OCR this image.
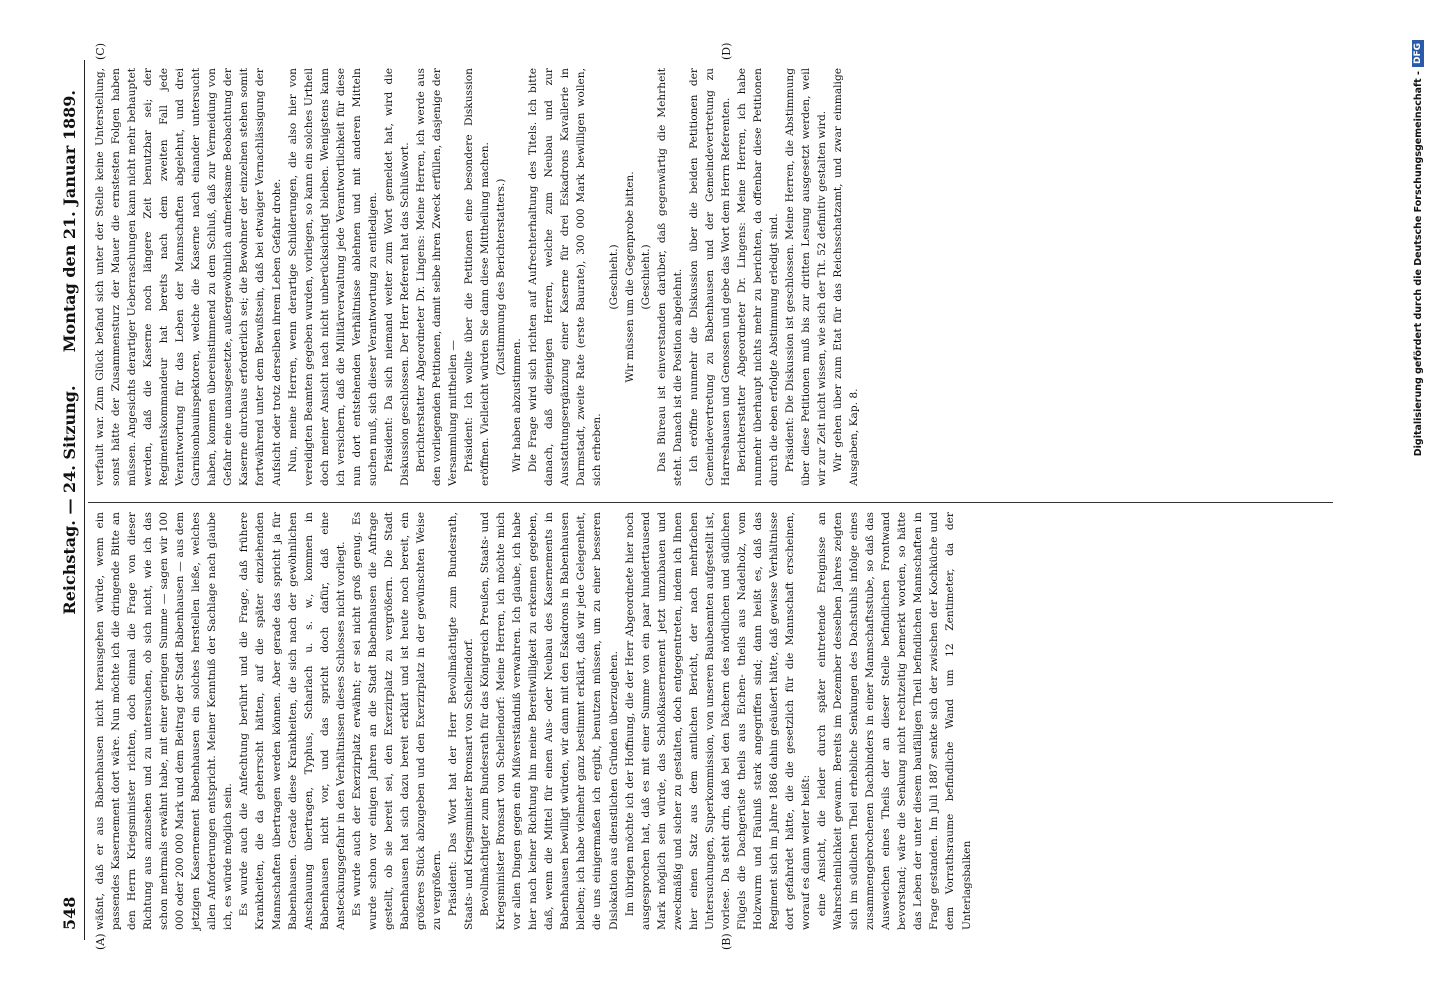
548
Reichstag. — 24. Sitzung.
Montag den 21. Januar 1889.
(A)	(B)
(C)	(D)

wäßnt, daß er aus Babenhausen nicht herausgehen würde, wenn ein passendes Kasernement dort wäre. Nun möchte ich die dringende Bitte an den Herrn Kriegsminister richten, doch einmal die Frage von dieser Richtung aus anzusehen und zu untersuchen, ob sich nicht, wie ich das schon mehrmals erwähnt habe, mit einer geringen Summe — sagen wir 100 000 oder 200 000 Mark und dem Beitrag der Stadt Babenhausen — aus dem jetzigen Kasernement Babenhausen ein solches herstellen ließe, welches allen Anforderungen entspricht. Meiner Kenntniß der Sachlage nach glaube ich, es würde möglich sein. Es wurde auch die Anfechtung berührt und die Frage, daß frühere Krankheiten, die da geherrscht hätten, auf die später einziehenden Mannschaften übertragen werden können. Aber gerade das spricht ja für Babenhausen. Gerade diese Krankheiten, die sich nach der gewöhnlichen Anschauung übertragen, Typhus, Scharlach u. s. w., kommen in Babenhausen nicht vor, und das spricht doch dafür, daß eine Ansteckungsgefahr in den Verhältnissen dieses Schlosses nicht vorliegt. Es wurde auch der Exerzirplatz erwähnt; er sei nicht groß genug. Es wurde schon vor einigen Jahren an die Stadt Babenhausen die Anfrage gestellt, ob sie bereit sei, den Exerzirplatz zu vergrößern. Die Stadt Babenhausen hat sich dazu bereit erklärt und ist heute noch bereit, ein größeres Stück abzugeben und den Exerzirplatz in der gewünschten Weise zu vergrößern. Präsident: Das Wort hat der Herr Bevollmächtigte zum Bundesrath, Staats- und Kriegsminister Bronsart von Schellendorf. Bevollmächtigter zum Bundesrath für das Königreich Preußen, Staats- und Kriegsminister Bronsart von Schellendorf: Meine Herren, ich möchte mich vor allen Dingen gegen ein Mißverständniß verwahren. Ich glaube, ich habe hier nach keiner Richtung hin meine Bereitwilligkeit zu erkennen gegeben, daß, wenn die Mittel für einen Aus- oder Neubau des Kasernements in Babenhausen bewilligt würden, wir dann mit den Eskadrons in Babenhausen bleiben; ich habe vielmehr ganz bestimmt erklärt, daß wir jede Gelegenheit, die uns einigermaßen ich ergibt, benutzen müssen, um zu einer besseren Dislokation aus dienstlichen Gründen überzugehen. Im übrigen möchte ich der Hoffnung, die der Herr Abgeordnete hier noch ausgesprochen hat, daß es mit einer Summe von ein paar hunderttausend Mark möglich sein würde, das Schloßkasernement jetzt umzubauen und zweckmäßig und sicher zu gestalten, doch entgegentreten, indem ich Ihnen hier einen Satz aus dem amtlichen Bericht, der nach mehrfachen Untersuchungen, Superkommission, von unseren Baubeamten aufgestellt ist, vorlese. Da steht drin, daß bei den Dächern des nördlichen und südlichen Flügels die Dachgerüste theils aus Eichen- theils aus Nadelholz, vom Holzwurm und Fäulniß stark angegriffen sind; dann heißt es, daß das Regiment sich im Jahre 1886 dahin geäußert hätte, daß gewisse Verhältnisse dort gefahrdet hätte, die die gesetzlich für die Mannschaft erscheinen, worauf es dann weiter heißt: eine Ansicht, die leider durch später eintretende Ereignisse an Wahrscheinlichkeit gewann. Bereits im Dezember desselben Jahres zeigten sich im südlichen Theil erhebliche Senkungen des Dachstuhls infolge eines zusammengebrochenen Dachbinders in einer Mannschaftsstube, so daß das Ausweichen eines Theils der an dieser Stelle befindlichen Frontwand bevorstand; wäre die Senkung nicht rechtzeitig bemerkt worden, so hätte das Leben der unter diesem baufälligen Theil befindlichen Mannschaften in Frage gestanden. Im Juli 1887 senkte sich der zwischen der Kochküche und dem Vorrathsraume befindliche Wand um 12 Zentimeter, da der Unterlagsbalken

verfault war. Zum Glück befand sich unter der Stelle keine Unterstellung, sonst hätte der Zusammensturz der Mauer die ernstesten Folgen haben müssen. Angesichts derartiger Ueberraschungen kann nicht mehr behauptet werden, daß die Kaserne noch längere Zeit benutzbar sei; der Regimentskommandeur hat bereits nach dem zweiten Fall jede Verantwortung für das Leben der Mannschaften abgelehnt, und drei Garnisonbauinspektoren, welche die Kaserne nach einander untersucht haben, kommen übereinstimmend zu dem Schluß, daß zur Vermeidung von Gefahr eine unausgesetzte, außergewöhnlich aufmerksame Beobachtung der Kaserne durchaus erforderlich sei; die Bewohner der einzelnen stehen somit fortwährend unter dem Bewußtsein, daß bei etwaiger Vernachlässigung der Aufsicht oder trotz derselben ihrem Leben Gefahr drohe. Nun, meine Herren, wenn derartige Schilderungen, die also hier von vereidigten Beamten gegeben wurden, vorliegen, so kann ein solches Urtheil doch meiner Ansicht nach nicht unberücksichtigt bleiben. Wenigstens kann ich versichern, daß die Militärverwaltung jede Verantwortlichkeit für diese nun dort entstehenden Verhältnisse ablehnen und mit anderen Mitteln suchen muß, sich dieser Verantwortung zu entledigen. Präsident: Da sich niemand weiter zum Wort gemeldet hat, wird die Diskussion geschlossen. Der Herr Referent hat das Schlußwort. Berichterstatter Abgeordneter Dr. Lingens: Meine Herren, ich werde aus den vorliegenden Petitionen, damit selbe ihren Zweck erfüllen, dasjenige der Versammlung mittheilen — Präsident: Ich wollte über die Petitionen eine besondere Diskussion eröffnen. Vielleicht würden Sie dann diese Mittheilung machen. (Zustimmung des Berichterstatters.)

Wir haben abzustimmen. Die Frage wird sich richten auf Aufrechterhaltung des Titels. Ich bitte danach, daß diejenigen Herren, welche zum Neubau und zur Ausstattungsergänzung einer Kaserne für drei Eskadrons Kavallerie in Darmstadt, zweite Rate (erste Baurate), 300 000 Mark bewilligen wollen, sich erheben.

(Geschieht.) Wir müssen um die Gegenprobe bitten. (Geschieht.) Das Büreau ist einverstanden darüber, daß gegenwärtig die Mehrheit steht. Danach ist die Position abgelehnt. Ich eröffne nunmehr die Diskussion über die beiden Petitionen der Gemeindevertretung zu Babenhausen und der Gemeindevertretung zu Harreshausen und Genossen und gebe das Wort dem Herrn Referenten. Berichterstatter Abgeordneter Dr. Lingens: Meine Herren, ich habe nunmehr überhaupt nichts mehr zu berichten, da offenbar diese Petitionen durch die eben erfolgte Abstimmung erledigt sind. Präsident: Die Diskussion ist geschlossen. Meine Herren, die Abstimmung über diese Petitionen muß bis zur dritten Lesung ausgesetzt werden, weil wir zur Zeit nicht wissen, wie sich der Tit. 52 definitiv gestalten wird. Wir gehen über zum Etat für das Reichsschatzamt, und zwar einmalige Ausgaben, Kap. 8.	Digitalisierung gefördert durch die Deutsche Forschungsgemeinschaft -
DFG
